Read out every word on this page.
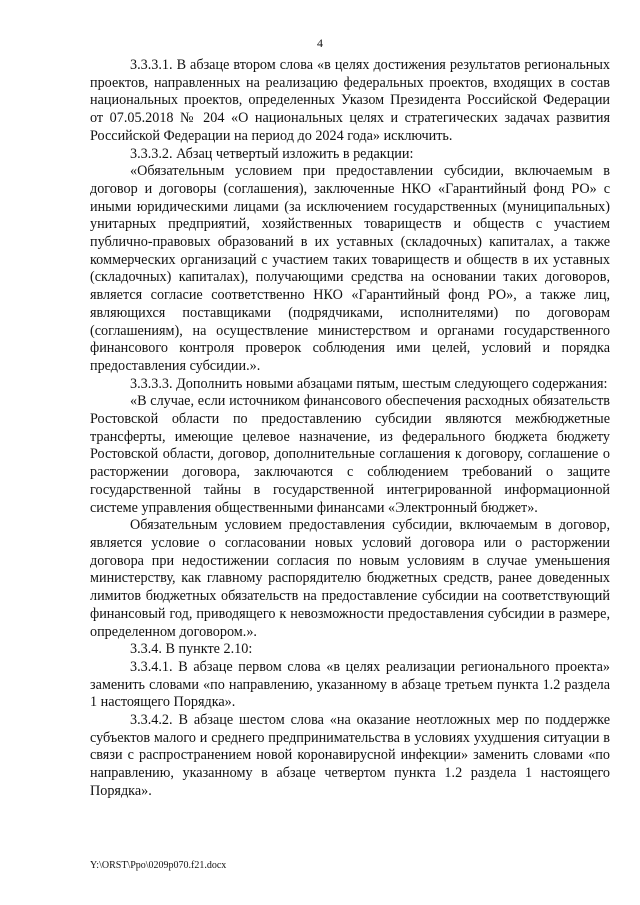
4

3.3.3.1. В абзаце втором слова «в целях достижения результатов региональных проектов, направленных на реализацию федеральных проектов, входящих в состав национальных проектов, определенных Указом Президента Российской Федерации от 07.05.2018 № 204 «О национальных целях и стратегических задачах развития Российской Федерации на период до 2024 года» исключить.

3.3.3.2. Абзац четвертый изложить в редакции:

«Обязательным условием при предоставлении субсидии, включаемым в договор и договоры (соглашения), заключенные НКО «Гарантийный фонд РО» с иными юридическими лицами (за исключением государственных (муниципальных) унитарных предприятий, хозяйственных товариществ и обществ с участием публично-правовых образований в их уставных (складочных) капиталах, а также коммерческих организаций с участием таких товариществ и обществ в их уставных (складочных) капиталах), получающими средства на основании таких договоров, является согласие соответственно НКО «Гарантийный фонд РО», а также лиц, являющихся поставщиками (подрядчиками, исполнителями) по договорам (соглашениям), на осуществление министерством и органами государственного финансового контроля проверок соблюдения ими целей, условий и порядка предоставления субсидии.».

3.3.3.3. Дополнить новыми абзацами пятым, шестым следующего содержания:

«В случае, если источником финансового обеспечения расходных обязательств Ростовской области по предоставлению субсидии являются межбюджетные трансферты, имеющие целевое назначение, из федерального бюджета бюджету Ростовской области, договор, дополнительные соглашения к договору, соглашение о расторжении договора, заключаются с соблюдением требований о защите государственной тайны в государственной интегрированной информационной системе управления общественными финансами «Электронный бюджет».

Обязательным условием предоставления субсидии, включаемым в договор, является условие о согласовании новых условий договора или о расторжении договора при недостижении согласия по новым условиям в случае уменьшения министерству, как главному распорядителю бюджетных средств, ранее доведенных лимитов бюджетных обязательств на предоставление субсидии на соответствующий финансовый год, приводящего к невозможности предоставления субсидии в размере, определенном договором.».

3.3.4. В пункте 2.10:

3.3.4.1. В абзаце первом слова «в целях реализации регионального проекта» заменить словами «по направлению, указанному в абзаце третьем пункта 1.2 раздела 1 настоящего Порядка».

3.3.4.2. В абзаце шестом слова «на оказание неотложных мер по поддержке субъектов малого и среднего предпринимательства в условиях ухудшения ситуации в связи с распространением новой коронавирусной инфекции» заменить словами «по направлению, указанному в абзаце четвертом пункта 1.2 раздела 1 настоящего Порядка».

Y:\ORST\Ppo\0209p070.f21.docx
